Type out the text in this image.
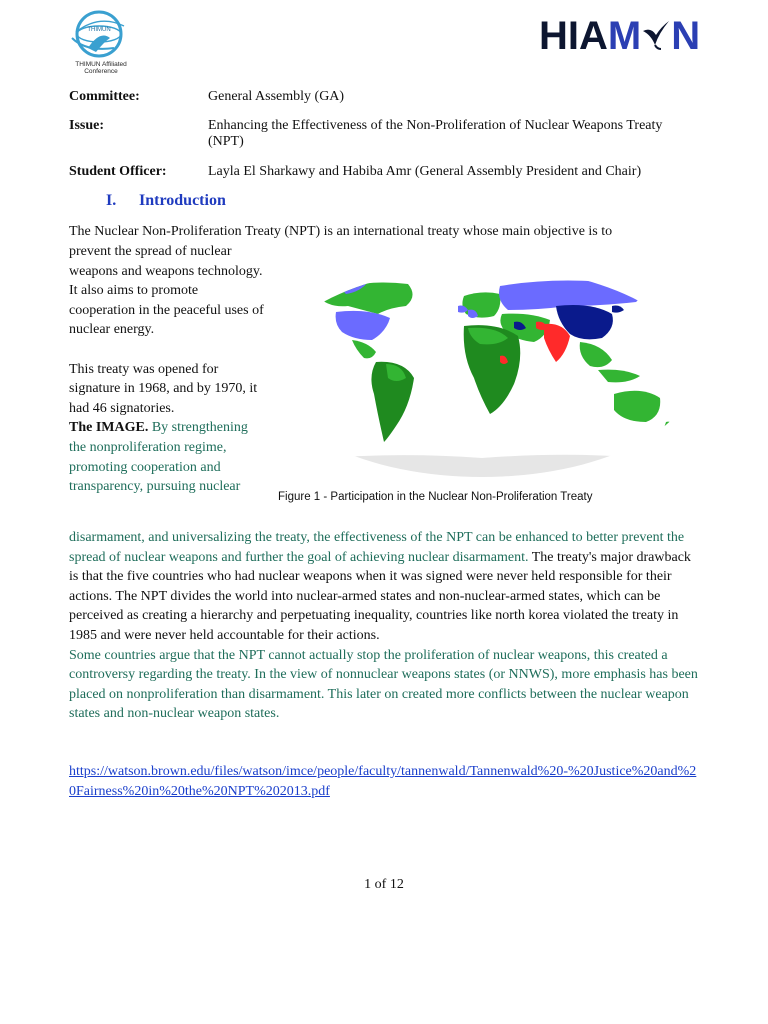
THIMUN
THIMUN Affiliated
Conference
HIAM N
Committee:	General Assembly (GA)
Issue:	Enhancing the Effectiveness of the Non-Proliferation of Nuclear Weapons Treaty (NPT)
Student Officer:	Layla El Sharkawy and Habiba Amr (General Assembly President and Chair)
I. Introduction
The Nuclear Non-Proliferation Treaty (NPT) is an international treaty whose main objective is to

prevent the spread of nuclear weapons and weapons technology. It also aims to promote cooperation in the peaceful uses of nuclear energy.

This treaty was opened for signature in 1968, and by 1970, it had 46 signatories.

The IMAGE. By strengthening the nonproliferation regime, promoting cooperation and transparency, pursuing nuclear

Figure 1 - Participation in the Nuclear Non-Proliferation Treaty

disarmament, and universalizing the treaty, the effectiveness of the NPT can be enhanced to better prevent the spread of nuclear weapons and further the goal of achieving nuclear disarmament. The treaty's major drawback is that the five countries who had nuclear weapons when it was signed were never held responsible for their actions. The NPT divides the world into nuclear-armed states and non-nuclear-armed states, which can be perceived as creating a hierarchy and perpetuating inequality, countries like north korea violated the treaty in 1985 and were never held accountable for their actions.

Some countries argue that the NPT cannot actually stop the proliferation of nuclear weapons, this created a controversy regarding the treaty. In the view of nonnuclear weapons states (or NNWS), more emphasis has been placed on nonproliferation than disarmament. This later on created more conflicts between the nuclear weapon states and non-nuclear weapon states.

https://watson.brown.edu/files/watson/imce/people/faculty/tannenwald/Tannenwald%20-%20Justice%20and%20Fairness%20in%20the%20NPT%202013.pdf
1 of 12
